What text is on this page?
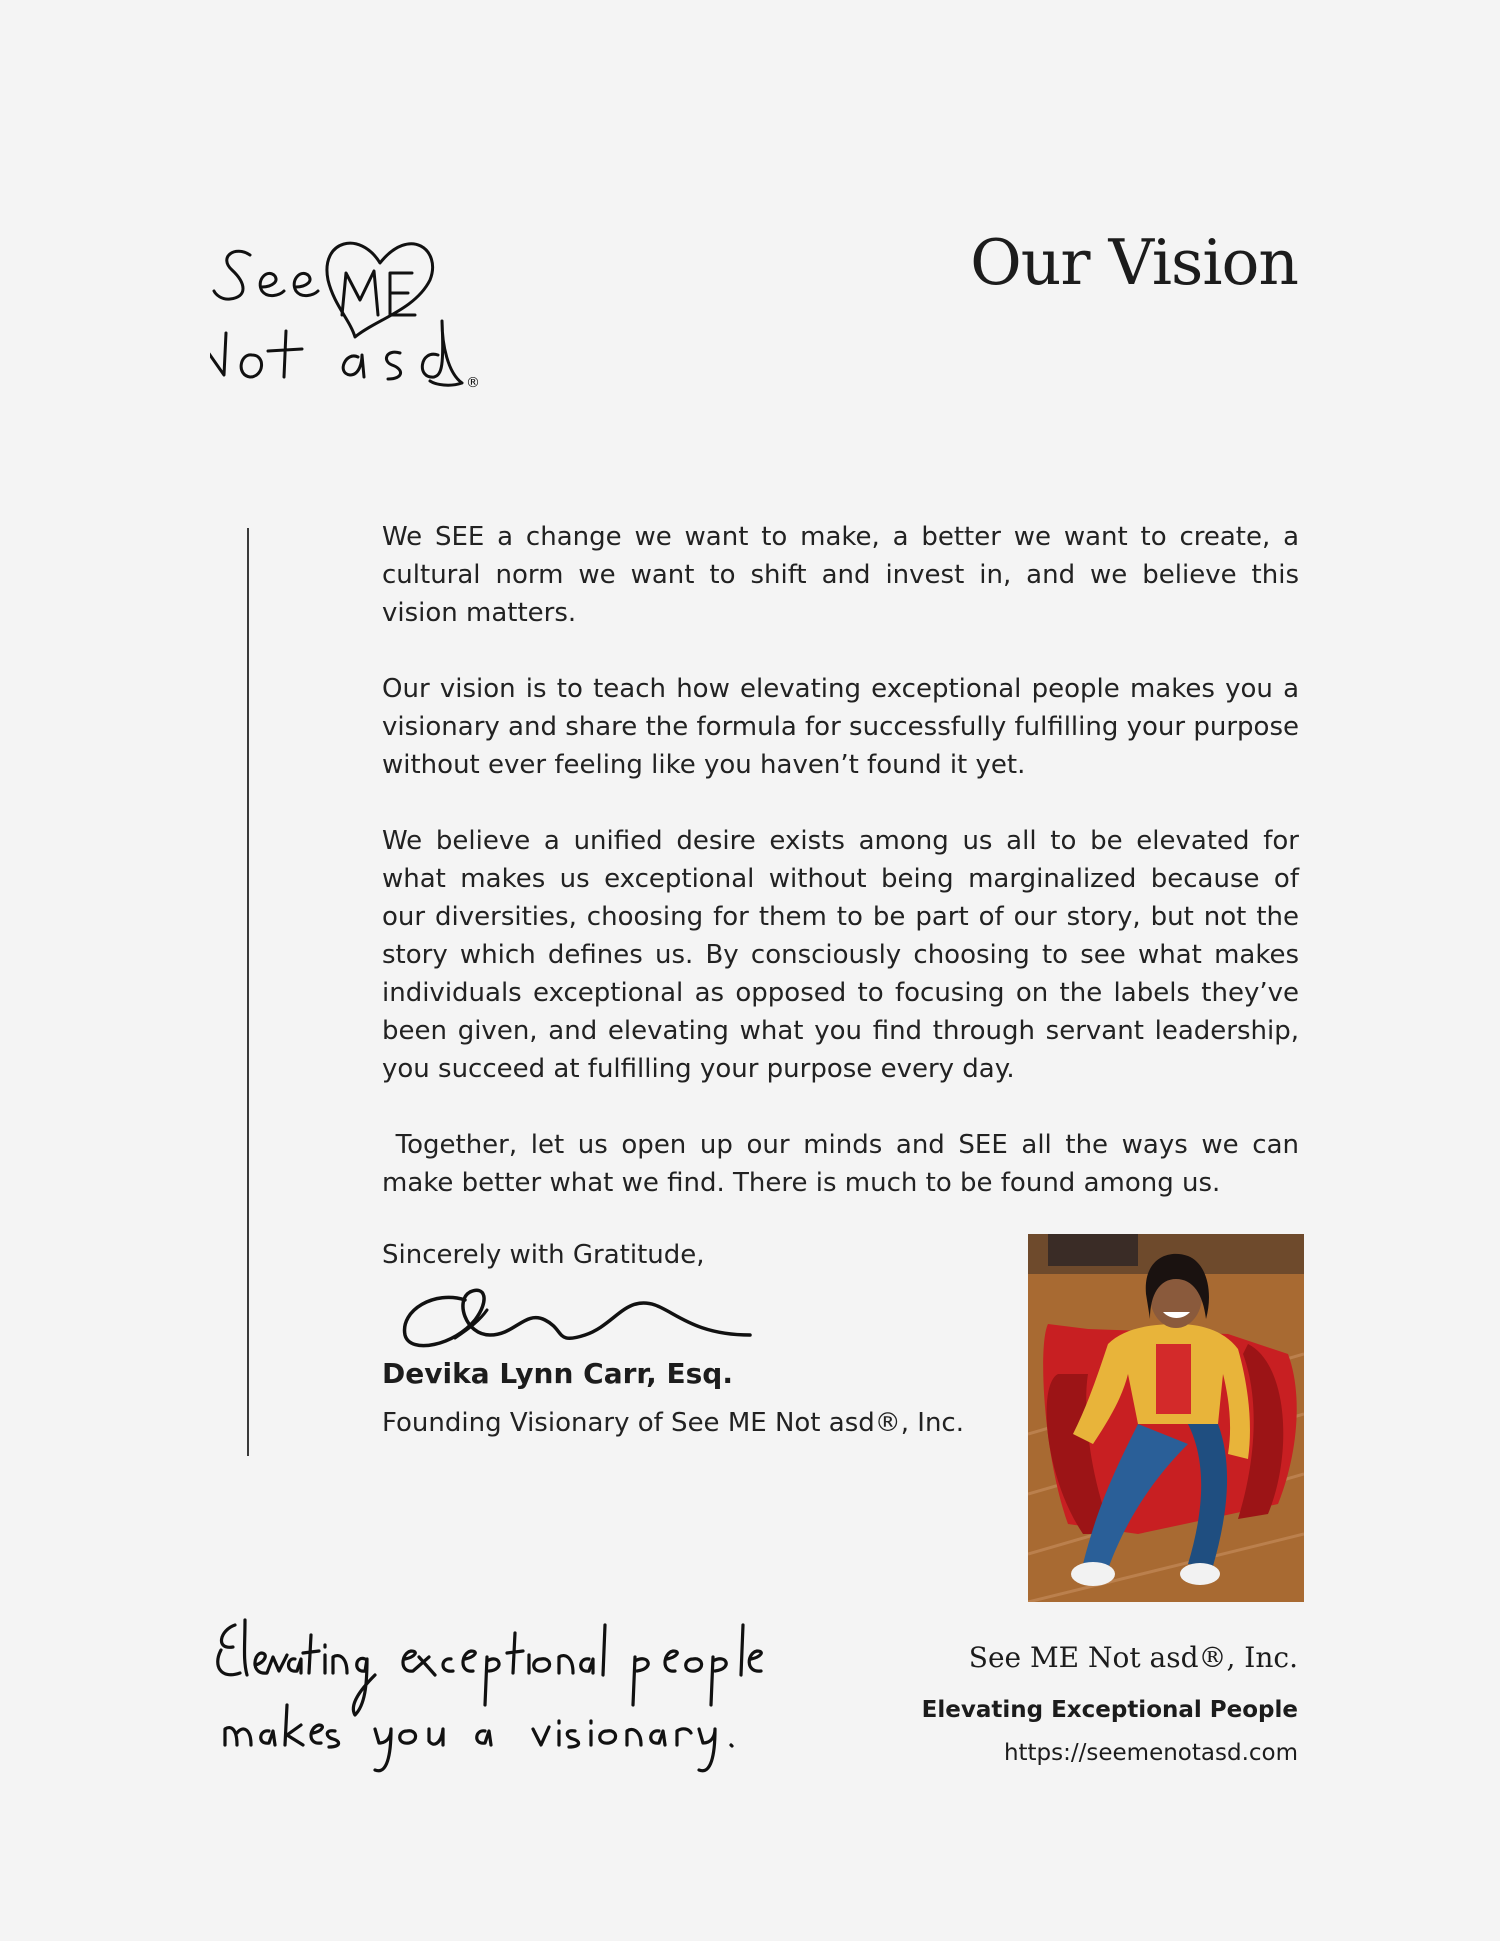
®
Our Vision

We SEE a change we want to make, a better we want to create, a cultural norm we want to shift and invest in, and we believe this vision matters.

Our vision is to teach how elevating exceptional people makes you a visionary and share the formula for successfully fulfilling your purpose without ever feeling like you haven’t found it yet.

We believe a unified desire exists among us all to be elevated for what makes us exceptional without being marginalized because of our diversities, choosing for them to be part of our story, but not the story which defines us. By consciously choosing to see what makes individuals exceptional as opposed to focusing on the labels they’ve been given, and elevating what you find through servant leadership, you succeed at fulfilling your purpose every day.

Together, let us open up our minds and SEE all the ways we can make better what we find. There is much to be found among us.

Sincerely with Gratitude,

Devika Lynn Carr, Esq.

Founding Visionary of See ME Not asd®, Inc.

See ME Not asd®, Inc.

Elevating Exceptional People

https://seemenotasd.com
